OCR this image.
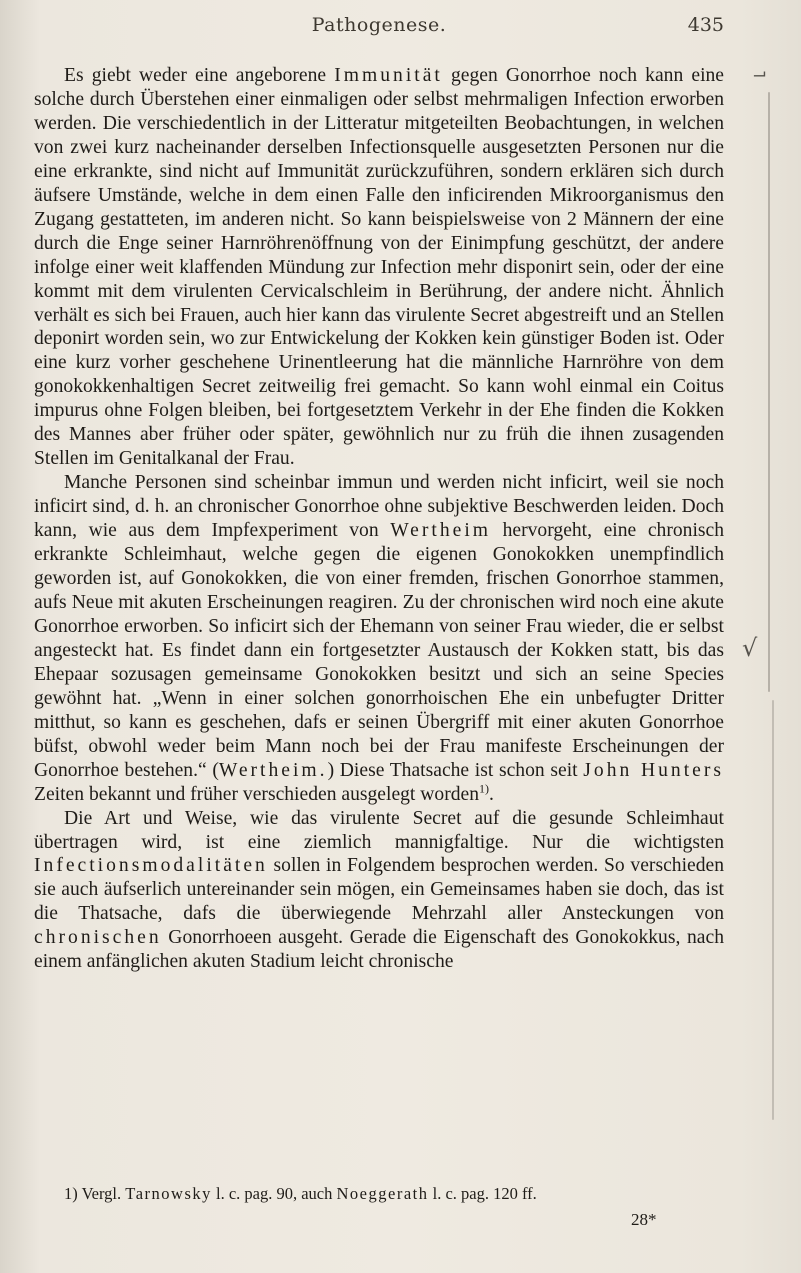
Pathogenese.	435

Es giebt weder eine angeborene Immunität gegen Gonorrhoe noch kann eine solche durch Überstehen einer einmaligen oder selbst mehrmaligen Infection erworben werden. Die verschiedentlich in der Litteratur mitgeteilten Beobachtungen, in welchen von zwei kurz nacheinander derselben Infectionsquelle ausgesetzten Personen nur die eine erkrankte, sind nicht auf Immunität zurückzuführen, sondern erklären sich durch äufsere Umstände, welche in dem einen Falle den inficirenden Mikroorganismus den Zugang gestatteten, im anderen nicht. So kann beispielsweise von 2 Männern der eine durch die Enge seiner Harnröhrenöffnung von der Einimpfung geschützt, der andere infolge einer weit klaffenden Mündung zur Infection mehr disponirt sein, oder der eine kommt mit dem virulenten Cervicalschleim in Berührung, der andere nicht. Ähnlich verhält es sich bei Frauen, auch hier kann das virulente Secret abgestreift und an Stellen deponirt worden sein, wo zur Entwickelung der Kokken kein günstiger Boden ist. Oder eine kurz vorher geschehene Urinentleerung hat die männliche Harnröhre von dem gonokokkenhaltigen Secret zeitweilig frei gemacht. So kann wohl einmal ein Coitus impurus ohne Folgen bleiben, bei fortgesetztem Verkehr in der Ehe finden die Kokken des Mannes aber früher oder später, gewöhnlich nur zu früh die ihnen zusagenden Stellen im Genitalkanal der Frau.

Manche Personen sind scheinbar immun und werden nicht inficirt, weil sie noch inficirt sind, d. h. an chronischer Gonorrhoe ohne subjektive Beschwerden leiden. Doch kann, wie aus dem Impfexperiment von Wertheim hervorgeht, eine chronisch erkrankte Schleimhaut, welche gegen die eigenen Gonokokken unempfindlich geworden ist, auf Gonokokken, die von einer fremden, frischen Gonorrhoe stammen, aufs Neue mit akuten Erscheinungen reagiren. Zu der chronischen wird noch eine akute Gonorrhoe erworben. So inficirt sich der Ehemann von seiner Frau wieder, die er selbst angesteckt hat. Es findet dann ein fortgesetzter Austausch der Kokken statt, bis das Ehepaar sozusagen gemeinsame Gonokokken besitzt und sich an seine Species gewöhnt hat. „Wenn in einer solchen gonorrhoischen Ehe ein unbefugter Dritter mitthut, so kann es geschehen, dafs er seinen Übergriff mit einer akuten Gonorrhoe büfst, obwohl weder beim Mann noch bei der Frau manifeste Erscheinungen der Gonorrhoe bestehen.“ (Wertheim.) Diese Thatsache ist schon seit John Hunters Zeiten bekannt und früher verschieden ausgelegt worden$^{1)}$.

Die Art und Weise, wie das virulente Secret auf die gesunde Schleimhaut übertragen wird, ist eine ziemlich mannigfaltige. Nur die wichtigsten Infectionsmodalitäten sollen in Folgendem besprochen werden. So verschieden sie auch äufserlich untereinander sein mögen, ein Gemeinsames haben sie doch, das ist die Thatsache, dafs die überwiegende Mehrzahl aller Ansteckungen von chronischen Gonorrhoeen ausgeht. Gerade die Eigenschaft des Gonokokkus, nach einem anfänglichen akuten Stadium leicht chronische

1) Vergl. Tarnowsky l. c. pag. 90, auch Noeggerath l. c. pag. 120 ff.
28*
⌐
√
